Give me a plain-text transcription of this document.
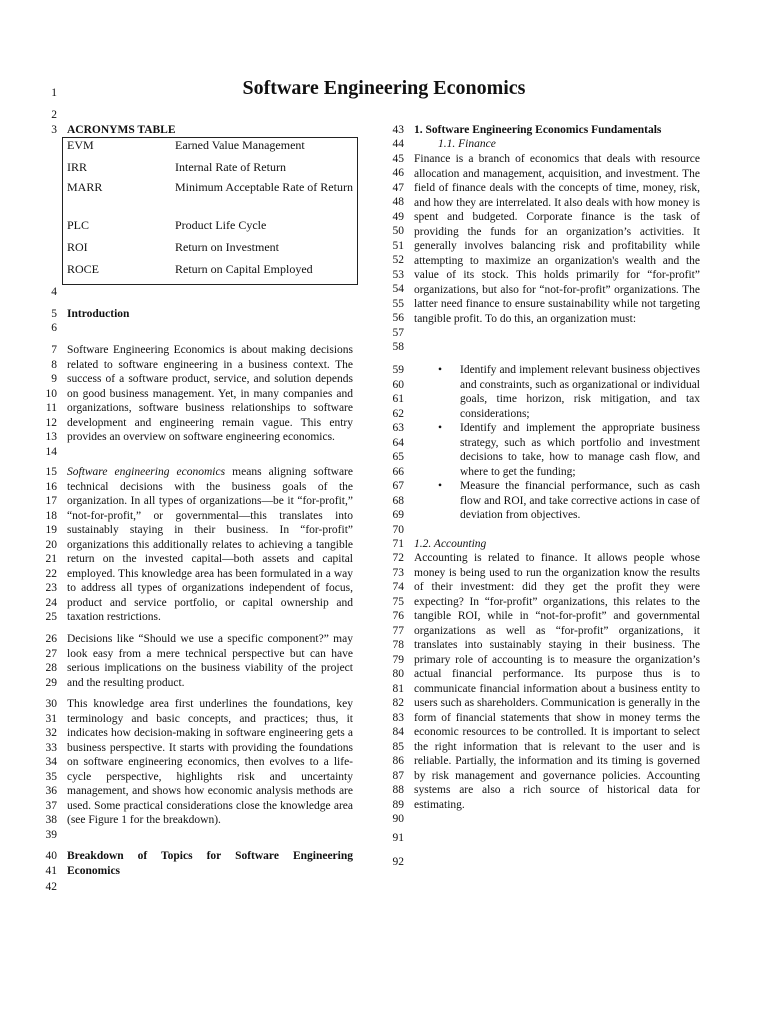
Software Engineering Economics
1
2
3
4
5
6
7
8
9
10
11
12
13
14
15
16
17
18
19
20
21
22
23
24
25
26
27
28
29
30
31
32
33
34
35
36
37
38
39
40
41
42
43
44
45
46
47
48
49
50
51
52
53
54
55
56
57
58
59
60
61
62
63
64
65
66
67
68
69
70
71
72
73
74
75
76
77
78
79
80
81
82
83
84
85
86
87
88
89
90
91
92
ACRONYMS TABLE
EVM	Earned Value Management
IRR	Internal Rate of Return
MARR	Minimum Acceptable Rate of Return
PLC	Product Life Cycle
ROI	Return on Investment
ROCE	Return on Capital Employed
Introduction
Software Engineering Economics is about making decisions related to software engineering in a business context. The success of a software product, service, and solution depends on good business management. Yet, in many companies and organizations, software business relationships to software development and engineering remain vague. This entry provides an overview on software engineering economics.
Software engineering economics means aligning software technical decisions with the business goals of the organization. In all types of organizations—be it “for-profit,” “not-for-profit,” or governmental—this translates into sustainably staying in their business. In “for-profit” organizations this additionally relates to achieving a tangible return on the invested capital—both assets and capital employed. This knowledge area has been formulated in a way to address all types of organizations independent of focus, product and service portfolio, or capital ownership and taxation restrictions.
Decisions like “Should we use a specific component?” may look easy from a mere technical perspective but can have serious implications on the business viability of the project and the resulting product.
This knowledge area first underlines the foundations, key terminology and basic concepts, and practices; thus, it indicates how decision-making in software engineering gets a business perspective. It starts with providing the foundations on software engineering economics, then evolves to a life-cycle perspective, highlights risk and uncertainty management, and shows how economic analysis methods are used. Some practical considerations close the knowledge area (see Figure 1 for the breakdown).
Breakdown of Topics for Software Engineering Economics
1. Software Engineering Economics Fundamentals
1.1. Finance
Finance is a branch of economics that deals with resource allocation and management, acquisition, and investment. The field of finance deals with the concepts of time, money, risk, and how they are interrelated. It also deals with how money is spent and budgeted. Corporate finance is the task of providing the funds for an organization’s activities. It generally involves balancing risk and profitability while attempting to maximize an organization's wealth and the value of its stock. This holds primarily for “for-profit” organizations, but also for “not-for-profit” organizations. The latter need finance to ensure sustainability while not targeting tangible profit. To do this, an organization must:
• Identify and implement relevant business objectives and constraints, such as organizational or individual goals, time horizon, risk mitigation, and tax considerations;
• Identify and implement the appropriate business strategy, such as which portfolio and investment decisions to take, how to manage cash flow, and where to get the funding;
• Measure the financial performance, such as cash flow and ROI, and take corrective actions in case of deviation from objectives.
1.2. Accounting
Accounting is related to finance. It allows people whose money is being used to run the organization know the results of their investment: did they get the profit they were expecting? In “for-profit” organizations, this relates to the tangible ROI, while in “not-for-profit” and governmental organizations as well as “for-profit” organizations, it translates into sustainably staying in their business. The primary role of accounting is to measure the organization’s actual financial performance. Its purpose thus is to communicate financial information about a business entity to users such as shareholders. Communication is generally in the form of financial statements that show in money terms the economic resources to be controlled. It is important to select the right information that is relevant to the user and is reliable. Partially, the information and its timing is governed by risk management and governance policies. Accounting systems are also a rich source of historical data for estimating.
